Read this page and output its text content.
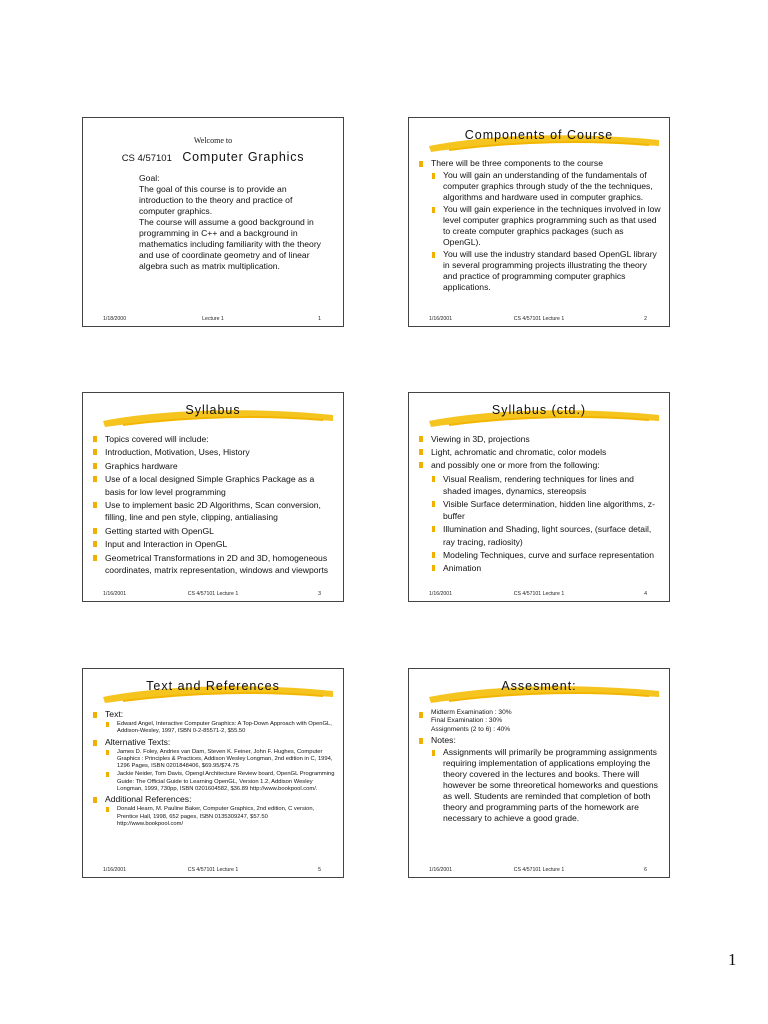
Welcome to
CS 4/57101 Computer Graphics
Goal:
The goal of this course is to provide an introduction to the theory and practice of computer graphics.
The course will assume a good background in programming in C++ and a background in mathematics including familiarity with the theory and use of coordinate geometry and of linear algebra such as matrix multiplication.
1/18/2000	Lecture 1	1
Components of Course
There will be three components to the course
You will gain an understanding of the fundamentals of computer graphics through study of the the techniques, algorithms and hardware used in computer graphics.
You will gain experience in the techniques involved in low level computer graphics programming such as that used to create computer graphics packages (such as OpenGL).
You will use the industry standard based OpenGL library in several programming projects illustrating the theory and practice of programming computer graphics applications.
1/16/2001	CS 4/57101 Lecture 1	2
Syllabus
Topics covered will include:
Introduction, Motivation, Uses, History
Graphics hardware
Use of a local designed Simple Graphics Package as a basis for low level programming
Use to implement basic 2D Algorithms, Scan conversion, filling, line and pen style, clipping, antialiasing
Getting started with OpenGL
Input and Interaction in OpenGL
Geometrical Transformations in 2D and 3D, homogeneous coordinates, matrix representation, windows and viewports
1/16/2001	CS 4/57101 Lecture 1	3
Syllabus (ctd.)
Viewing in 3D, projections
Light, achromatic and chromatic, color models
and possibly one or more from the following:
Visual Realism, rendering techniques for lines and shaded images, dynamics, stereopsis
Visible Surface determination, hidden line algorithms, z-buffer
Illumination and Shading, light sources, (surface detail, ray tracing, radiosity)
Modeling Techniques, curve and surface representation
Animation
1/16/2001	CS 4/57101 Lecture 1	4
Text and References
Text:
Edward Angel, Interactive Computer Graphics: A Top-Down Approach with OpenGL, Addison-Wesley, 1997, ISBN 0-2-85571-2, $55.50
Alternative Texts:
James D. Foley, Andries van Dam, Steven K. Feiner, John F. Hughes, Computer Graphics : Principles & Practices, Addison Wesley Longman, 2nd edition in C, 1994, 1296 Pages, ISBN 0201848406, $69.95/$74.75
Jackie Neider, Tom Davis, Opengl Architecture Review board, OpenGL Programming Guide: The Official Guide to Learning OpenGL, Version 1.2, Addison Wesley Longman, 1999, 730pp, ISBN 0201604582, $36.89 http://www.bookpool.com/.
Additional References:
Donald Hearn, M. Pauline Baker, Computer Graphics, 2nd edition, C version, Prentice Hall, 1998, 652 pages, ISBN 0135309247, $57.50 http://www.bookpool.com/
1/16/2001	CS 4/57101 Lecture 1	5
Assesment:
Midterm Examination : 30%
Final Examination : 30%
Assignments (2 to 6) : 40%
Notes:
Assignments will primarily be programming assignments requiring implementation of applications employing the theory covered in the lectures and books. There will however be some threoretical homeworks and questions as well. Students are reminded that completion of both theory and programming parts of the homework are necessary to achieve a good grade.
1/16/2001	CS 4/57101 Lecture 1	6
1
